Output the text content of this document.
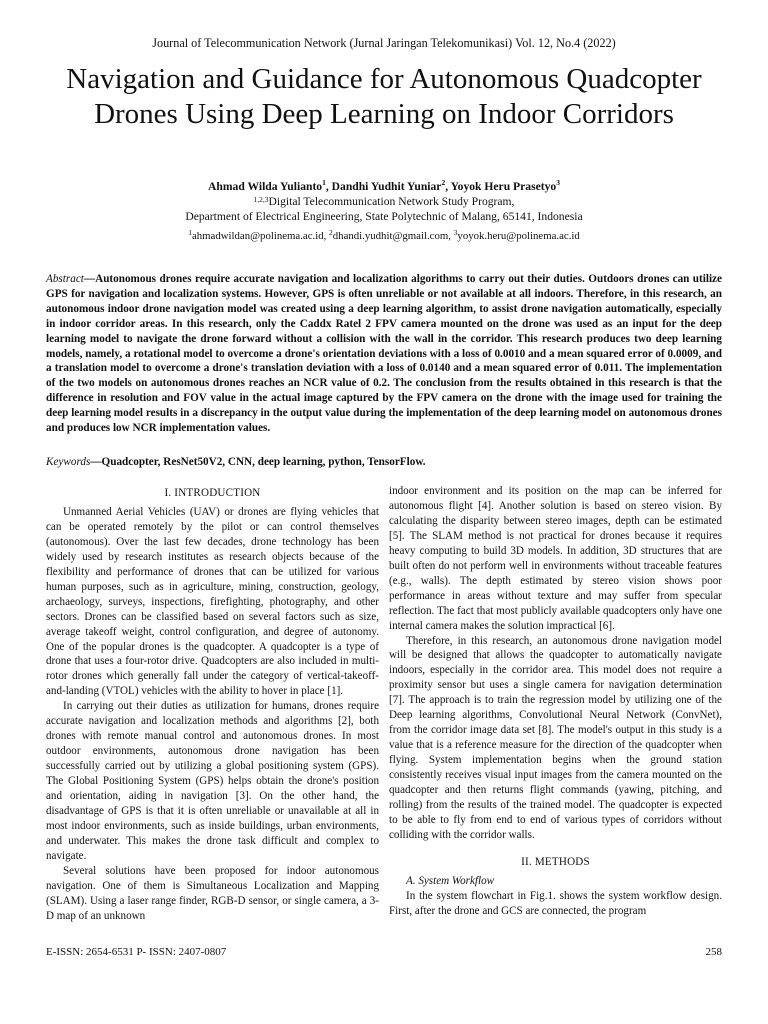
Journal of Telecommunication Network (Jurnal Jaringan Telekomunikasi) Vol. 12, No.4 (2022)
Navigation and Guidance for Autonomous Quadcopter Drones Using Deep Learning on Indoor Corridors
Ahmad Wilda Yulianto$^1$, Dandhi Yudhit Yuniar$^2$, Yoyok Heru Prasetyo$^3$
$^{1,2,3}$Digital Telecommunication Network Study Program,
Department of Electrical Engineering, State Polytechnic of Malang, 65141, Indonesia
$^1$ahmadwildan@polinema.ac.id, $^2$dhandi.yudhit@gmail.com, $^3$yoyok.heru@polinema.ac.id

Abstract—Autonomous drones require accurate navigation and localization algorithms to carry out their duties. Outdoors drones can utilize GPS for navigation and localization systems. However, GPS is often unreliable or not available at all indoors. Therefore, in this research, an autonomous indoor drone navigation model was created using a deep learning algorithm, to assist drone navigation automatically, especially in indoor corridor areas. In this research, only the Caddx Ratel 2 FPV camera mounted on the drone was used as an input for the deep learning model to navigate the drone forward without a collision with the wall in the corridor. This research produces two deep learning models, namely, a rotational model to overcome a drone's orientation deviations with a loss of 0.0010 and a mean squared error of 0.0009, and a translation model to overcome a drone's translation deviation with a loss of 0.0140 and a mean squared error of 0.011. The implementation of the two models on autonomous drones reaches an NCR value of 0.2. The conclusion from the results obtained in this research is that the difference in resolution and FOV value in the actual image captured by the FPV camera on the drone with the image used for training the deep learning model results in a discrepancy in the output value during the implementation of the deep learning model on autonomous drones and produces low NCR implementation values.

Keywords—Quadcopter, ResNet50V2, CNN, deep learning, python, TensorFlow.

I. INTRODUCTION

Unmanned Aerial Vehicles (UAV) or drones are flying vehicles that can be operated remotely by the pilot or can control themselves (autonomous). Over the last few decades, drone technology has been widely used by research institutes as research objects because of the flexibility and performance of drones that can be utilized for various human purposes, such as in agriculture, mining, construction, geology, archaeology, surveys, inspections, firefighting, photography, and other sectors. Drones can be classified based on several factors such as size, average takeoff weight, control configuration, and degree of autonomy. One of the popular drones is the quadcopter. A quadcopter is a type of drone that uses a four-rotor drive. Quadcopters are also included in multi-rotor drones which generally fall under the category of vertical-takeoff-and-landing (VTOL) vehicles with the ability to hover in place [1].

In carrying out their duties as utilization for humans, drones require accurate navigation and localization methods and algorithms [2], both drones with remote manual control and autonomous drones. In most outdoor environments, autonomous drone navigation has been successfully carried out by utilizing a global positioning system (GPS). The Global Positioning System (GPS) helps obtain the drone's position and orientation, aiding in navigation [3]. On the other hand, the disadvantage of GPS is that it is often unreliable or unavailable at all in most indoor environments, such as inside buildings, urban environments, and underwater. This makes the drone task difficult and complex to navigate.

Several solutions have been proposed for indoor autonomous navigation. One of them is Simultaneous Localization and Mapping (SLAM). Using a laser range finder, RGB-D sensor, or single camera, a 3-D map of an unknown

indoor environment and its position on the map can be inferred for autonomous flight [4]. Another solution is based on stereo vision. By calculating the disparity between stereo images, depth can be estimated [5]. The SLAM method is not practical for drones because it requires heavy computing to build 3D models. In addition, 3D structures that are built often do not perform well in environments without traceable features (e.g., walls). The depth estimated by stereo vision shows poor performance in areas without texture and may suffer from specular reflection. The fact that most publicly available quadcopters only have one internal camera makes the solution impractical [6].

Therefore, in this research, an autonomous drone navigation model will be designed that allows the quadcopter to automatically navigate indoors, especially in the corridor area. This model does not require a proximity sensor but uses a single camera for navigation determination [7]. The approach is to train the regression model by utilizing one of the Deep learning algorithms, Convolutional Neural Network (ConvNet), from the corridor image data set [8]. The model's output in this study is a value that is a reference measure for the direction of the quadcopter when flying. System implementation begins when the ground station consistently receives visual input images from the camera mounted on the quadcopter and then returns flight commands (yawing, pitching, and rolling) from the results of the trained model. The quadcopter is expected to be able to fly from end to end of various types of corridors without colliding with the corridor walls.

II. METHODS

A. System Workflow

In the system flowchart in Fig.1. shows the system workflow design. First, after the drone and GCS are connected, the program

E-ISSN: 2654-6531 P- ISSN: 2407-0807	258
